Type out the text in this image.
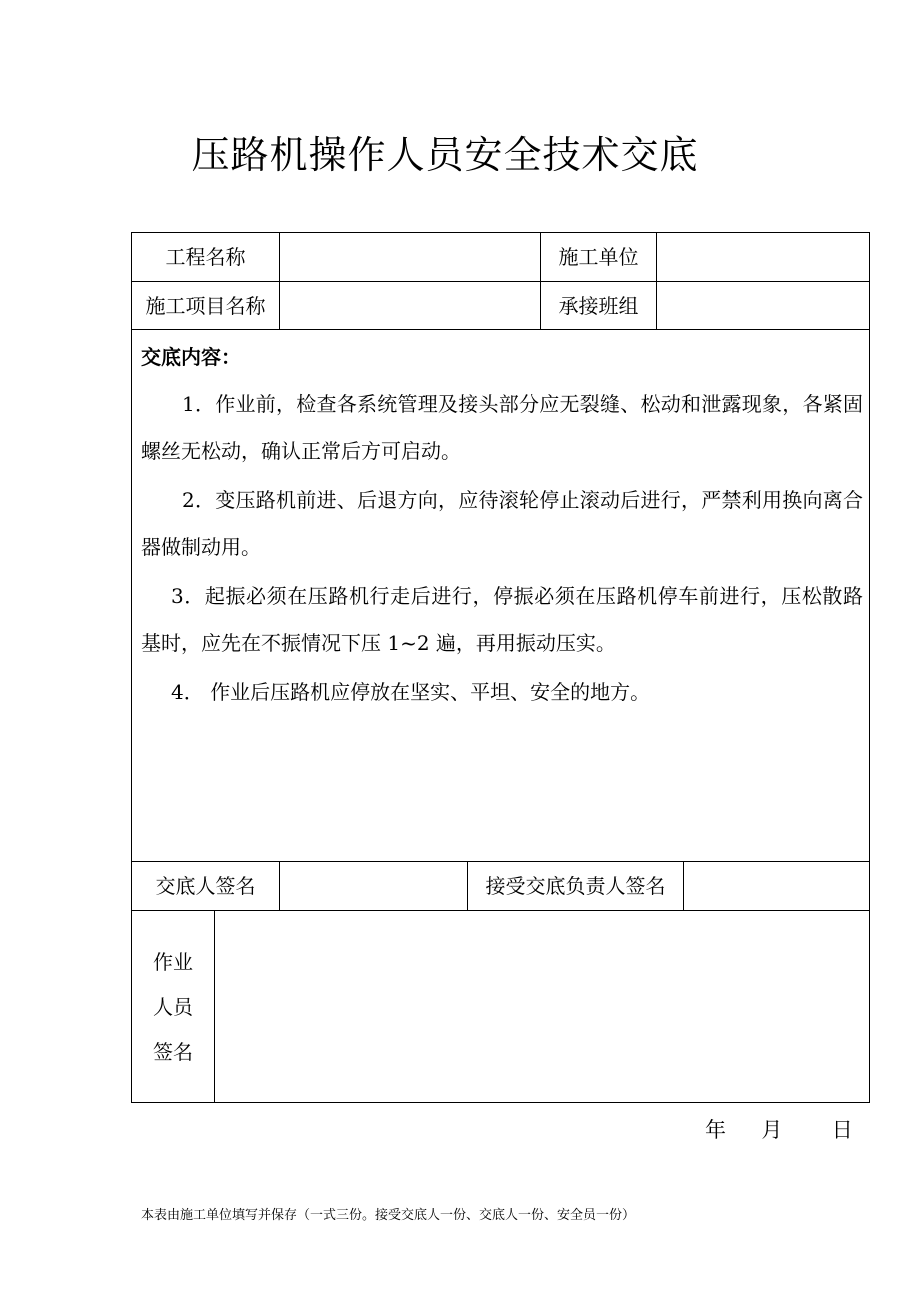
压路机操作人员安全技术交底
工程名称	施工单位
施工项目名称	承接班组
交底内容：
1．作业前，检查各系统管理及接头部分应无裂缝、松动和泄露现象，各紧固螺丝无松动，确认正常后方可启动。
2．变压路机前进、后退方向，应待滚轮停止滚动后进行，严禁利用换向离合器做制动用。
3．起振必须在压路机行走后进行，停振必须在压路机停车前进行，压松散路基时，应先在不振情况下压 1~2 遍，再用振动压实。
4． 作业后压路机应停放在坚实、平坦、安全的地方。
交底人签名	接受交底负责人签名
作业
人员
签名
年 月 日
本表由施工单位填写并保存（一式三份。接受交底人一份、交底人一份、安全员一份）
